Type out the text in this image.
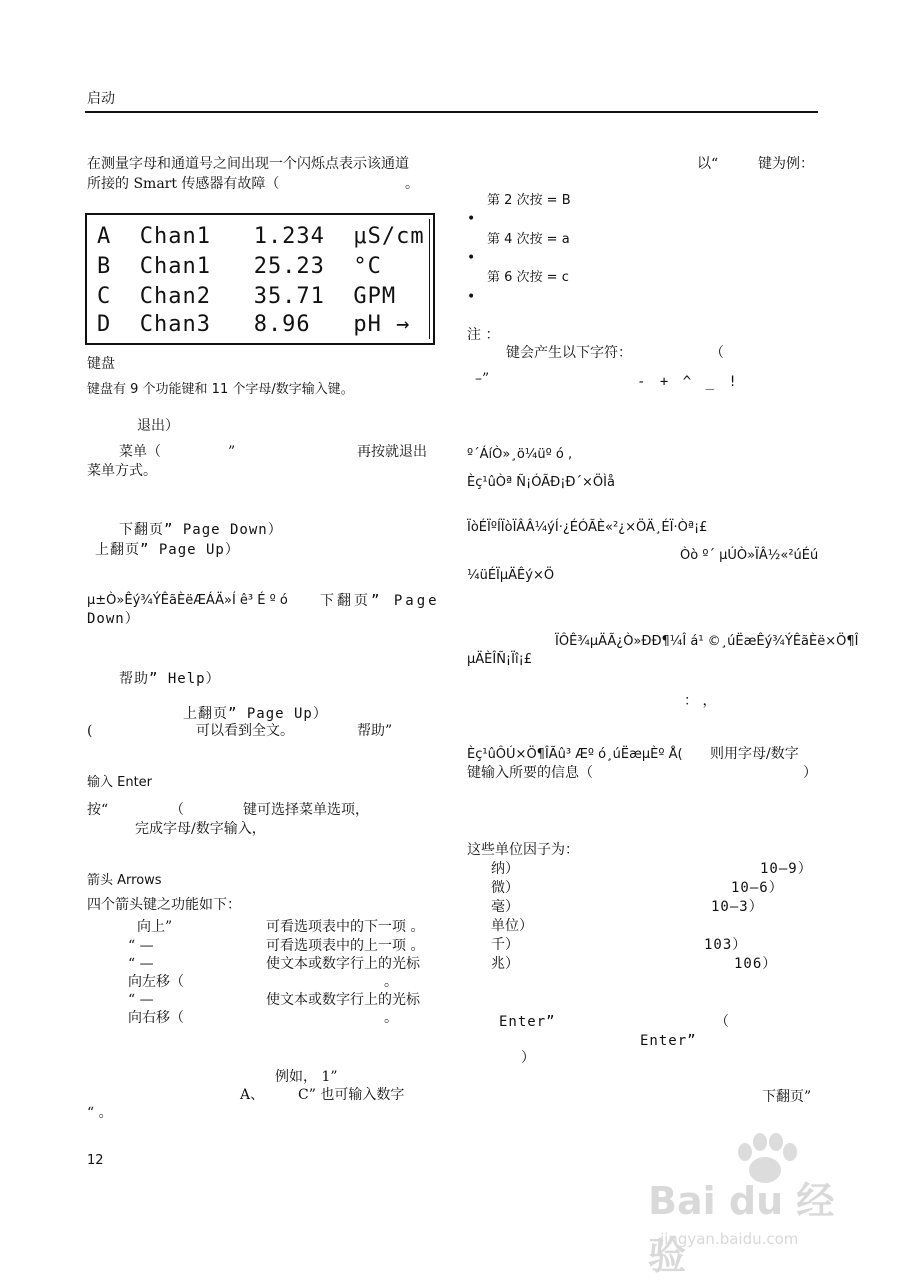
启动
在测量字母和通道号之间出现一个闪烁点表示该通道
所接的 Smart 传感器有故障（	。
A  Chan1   1.234  μS/cm
B  Chan1   25.23  °C
C  Chan2   35.71  GPM
D  Chan3   8.96   pH →
键盘
键盘有 9 个功能键和 11 个字母/数字输入键。
退出）
菜单（	”	再按就退出
菜单方式。
下翻页” Page Down）
上翻页” Page Up）
µ±Ò»Êý¾ÝÊãÈëÆÁÄ»Í ê³ É º ó 下翻页” Page
Down）
帮助” Help）
上翻页” Page Up）
(	可以看到全文。	帮助”
输入 Enter
按“	（	键可选择菜单选项，
完成字母/数字输入，
箭头 Arrows
四个箭头键之功能如下：
向上”	可看选项表中的下一项 。
“ —	可看选项表中的上一项 。
“ —	使文本或数字行上的光标
向左移（	。
“ —	使文本或数字行上的光标
向右移（	。
例如， 1”
A、 C” 也可输入数字
“ 。
12
以“	键为例：
第 2 次按 = B
•
第 4 次按 = a
•
第 6 次按 = c
•
注 ：
键会产生以下字符：	（
–”	- + ^ _ !
º´ÁíÒ»¸ö¼üº ó ,
Èç¹ûÒª Ñ¡ÓÃÐ¡Ð´×ÖÌå
ÏòÉÏºÍÏòÏÂÂ¼ýÍ·¿ÉÓÃÈ«²¿×ÖÄ¸ÉÏ·Òª¡£
Òò º´ µÚÒ»ÏÂ½«²úÉú
¼üÉÏµÄÊý×Ö
ÏÔÊ¾µÄÃ¿Ò»ÐÐ¶¼Î á¹ ©¸úËæÊý¾ÝÊãÈë×Ö¶Î
µÄÈÎÑ¡Ïî¡£
： ，
Èç¹ûÔÚ×Ö¶ÎÃû³ Æº ó¸úËæµÈº Å( 则用字母/数字
键输入所要的信息（	）
这些单位因子为：
纳）	10–9）
微）	10–6）
毫）	10–3）
单位）
千）	103）
兆）	106）
Enter”	（
Enter”
）
下翻页”
Bai du 经验
jingyan.baidu.com
